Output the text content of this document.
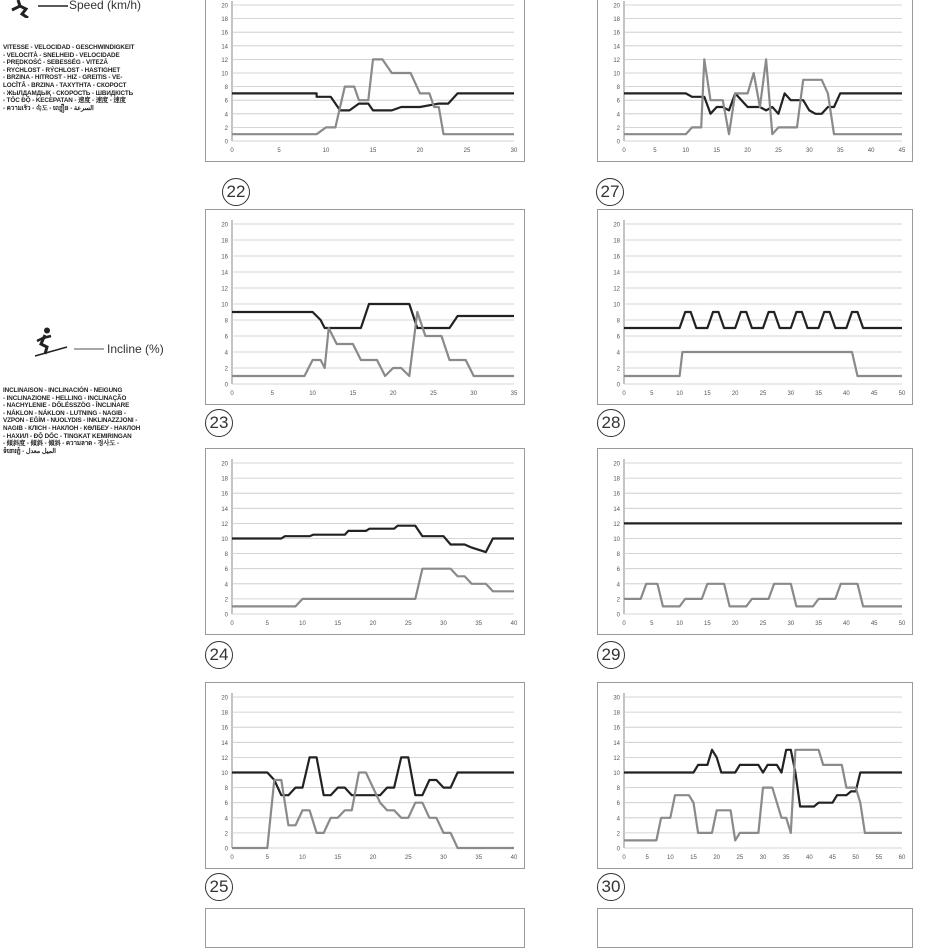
Speed (km/h)
VITESSE - VELOCIDAD - GESCHWINDIGKEIT
- VELOCITÀ - SNELHEID - VELOCIDADE
- PRĘDKOŚĆ - SEBESSÉG - VITEZĂ
- RYCHLOST - RÝCHLOST - HASTIGHET
- BRZINA - HITROST - HIZ - GREITIS - VE-
LOCĪTĀ - BRZINA - ΤΑΧΥΤΗΤΑ - СКОРОСТ
- ЖЫЛДАМДЫҚ - СКОРОСТЬ - ШВИДКІСТЬ
- TỐC ĐỘ - KECEPATAN - 速度 - 速度 - 速度
- ความเร็ว - 속도 - ល្បឿន - السرعة
Incline (%)
INCLINAISON - INCLINACIÓN - NEIGUNG
- INCLINAZIONE - HELLING - INCLINAÇÃO
- NACHYLENIE - DŐLÉSSZÖG - ÎNCLINARE
- NÁKLON - NÁKLON - LUTNING - NAGIB -
VZPON - EĞİM - NUOLYDIS - INKLINAZZJONI -
NAGIB - КЛІСН - НАКЛОН - КӨЛБЕУ - НАКЛОН
- НАХИЛ - ĐỘ DỐC - TINGKAT KEMIRINGAN
- 傾斜度 - 傾斜 - 傾斜 - ความลาด - 경사도 -
ទំនោរភ្នំ - الميل معدل
0
2
4
6
8
10
12
14
16
18
20
0	5	10	15	20	25	30
0
2
4
6
8
10
12
14
16
18
20
0	5	10	15	20	25	30	35	40	45
0
2
4
6
8
10
12
14
16
18
20
0	5	10	15	20	25	30	35
0
2
4
6
8
10
12
14
16
18
20
0	5	10	15	20	25	30	35	40	45	50
0
2
4
6
8
10
12
14
16
18
20
0	5	10	15	20	25	30	35	40
0
2
4
6
8
10
12
14
16
18
20
0	5	10	15	20	25	30	35	40	45	50
0
2
4
6
8
10
12
14
16
18
20
0	5	10	15	20	25	30	35	40
0
2
4
6
8
10
12
14
16
18
30
0	5	10	15	20	25	30	35	40	45	50	55	60
22	27
23	28
24	29
25	30
